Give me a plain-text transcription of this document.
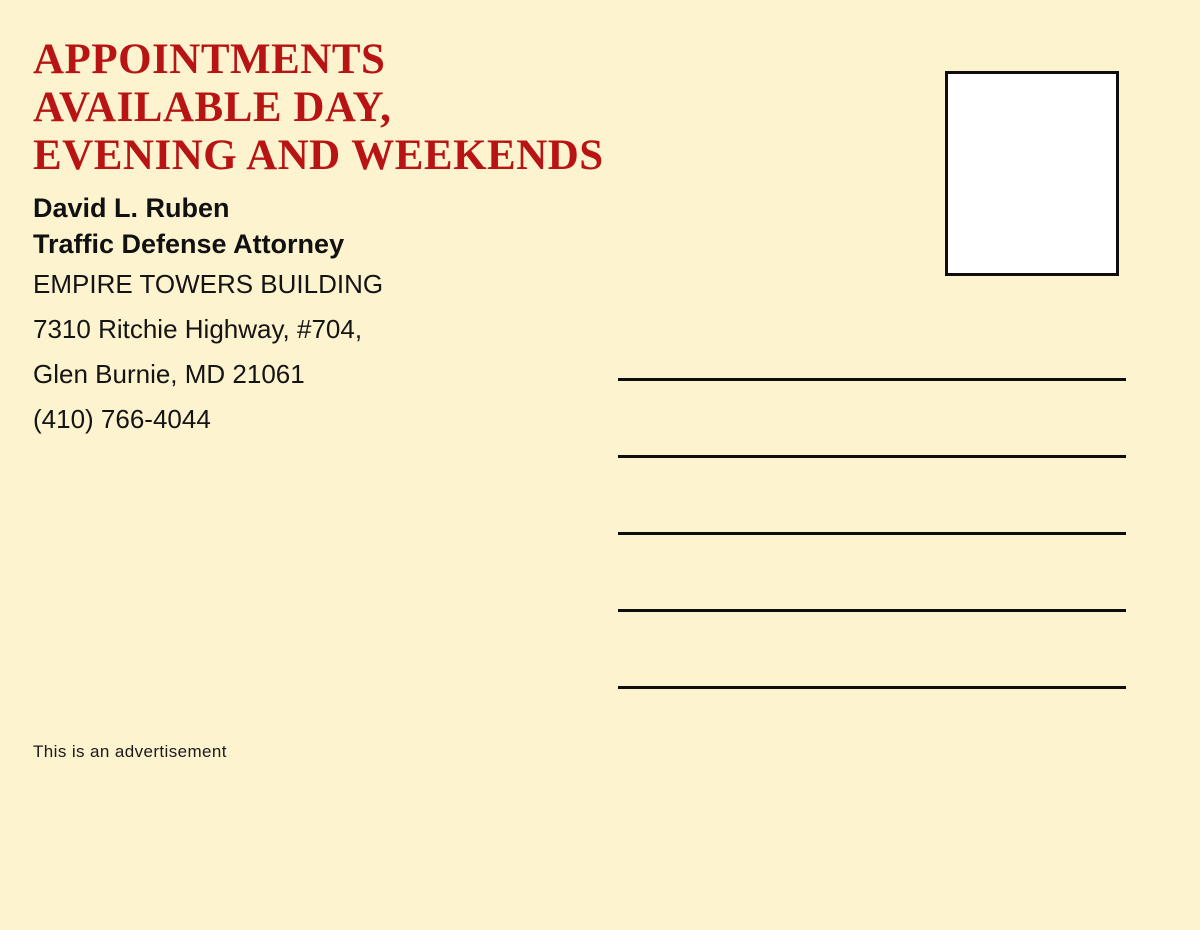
APPOINTMENTS
AVAILABLE DAY,
EVENING AND WEEKENDS
David L. Ruben
Traffic Defense Attorney
EMPIRE TOWERS BUILDING
7310 Ritchie Highway, #704,
Glen Burnie, MD 21061
(410) 766-4044
This is an advertisement
